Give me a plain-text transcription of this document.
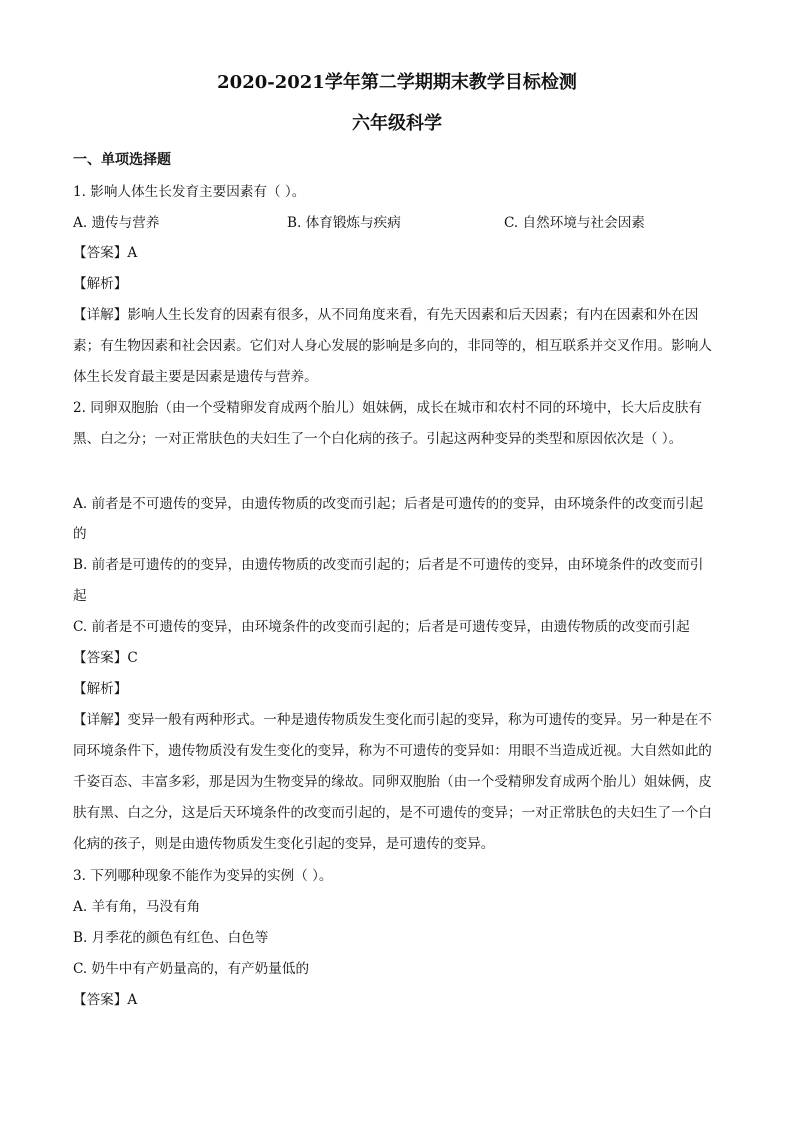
2020-2021学年第二学期期末教学目标检测
六年级科学
一、单项选择题

1. 影响人体生长发育主要因素有（ ）。

A. 遗传与营养	B. 体育锻炼与疾病	C. 自然环境与社会因素

【答案】A

【解析】

【详解】影响人生长发育的因素有很多，从不同角度来看，有先天因素和后天因素；有内在因素和外在因素；有生物因素和社会因素。它们对人身心发展的影响是多向的，非同等的，相互联系并交叉作用。影响人体生长发育最主要是因素是遗传与营养。

2. 同卵双胞胎（由一个受精卵发育成两个胎儿）姐妹俩，成长在城市和农村不同的环境中，长大后皮肤有黑、白之分；一对正常肤色的夫妇生了一个白化病的孩子。引起这两种变异的类型和原因依次是（ ）。

A. 前者是不可遗传的变异，由遗传物质的改变而引起；后者是可遗传的的变异，由环境条件的改变而引起

的

B. 前者是可遗传的的变异，由遗传物质的改变而引起的；后者是不可遗传的变异，由环境条件的改变而引

起

C. 前者是不可遗传的变异，由环境条件的改变而引起的；后者是可遗传变异，由遗传物质的改变而引起

【答案】C

【解析】

【详解】变异一般有两种形式。一种是遗传物质发生变化而引起的变异，称为可遗传的变异。另一种是在不同环境条件下，遗传物质没有发生变化的变异，称为不可遗传的变异如：用眼不当造成近视。大自然如此的千姿百态、丰富多彩，那是因为生物变异的缘故。同卵双胞胎（由一个受精卵发育成两个胎儿）姐妹俩，皮肤有黑、白之分，这是后天环境条件的改变而引起的，是不可遗传的变异；一对正常肤色的夫妇生了一个白化病的孩子，则是由遗传物质发生变化引起的变异，是可遗传的变异。

3. 下列哪种现象不能作为变异的实例（ ）。

A. 羊有角，马没有角

B. 月季花的颜色有红色、白色等

C. 奶牛中有产奶量高的，有产奶量低的

【答案】A
